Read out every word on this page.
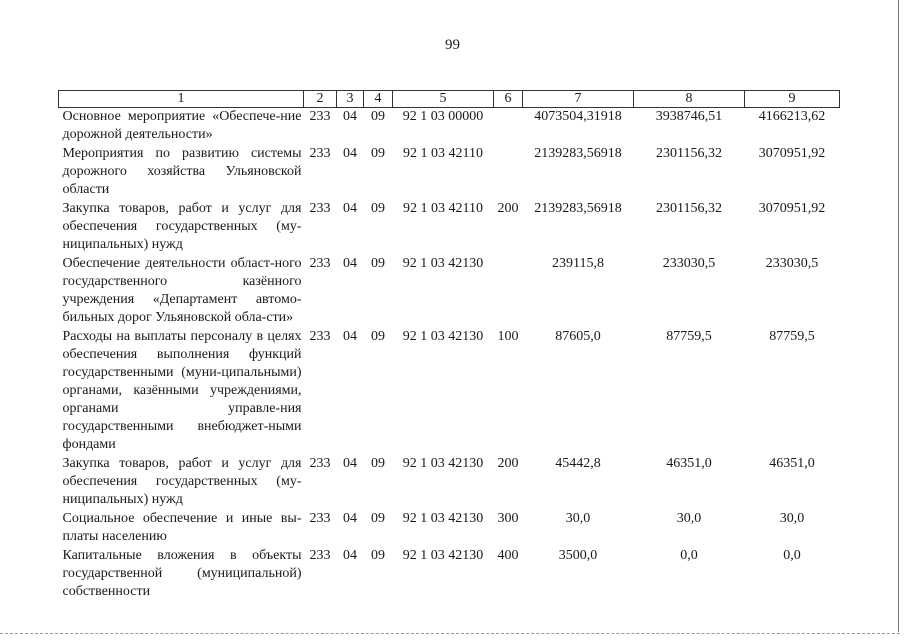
99
1	2	3	4	5	6	7	8	9
Основное мероприятие «Обеспече-ние дорожной деятельности»	233	04	09	92 1 03 00000		4073504,31918	3938746,51	4166213,62
Мероприятия по развитию системы дорожного хозяйства Ульяновской области	233	04	09	92 1 03 42110		2139283,56918	2301156,32	3070951,92
Закупка товаров, работ и услуг для обеспечения государственных (му-ниципальных) нужд	233	04	09	92 1 03 42110	200	2139283,56918	2301156,32	3070951,92
Обеспечение деятельности област-ного государственного казённого учреждения «Департамент автомо-бильных дорог Ульяновской обла-сти»	233	04	09	92 1 03 42130		239115,8	233030,5	233030,5
Расходы на выплаты персоналу в целях обеспечения выполнения функций государственными (муни-ципальными) органами, казёнными учреждениями, органами управле-ния государственными внебюджет-ными фондами	233	04	09	92 1 03 42130	100	87605,0	87759,5	87759,5
Закупка товаров, работ и услуг для обеспечения государственных (му-ниципальных) нужд	233	04	09	92 1 03 42130	200	45442,8	46351,0	46351,0
Социальное обеспечение и иные вы-платы населению	233	04	09	92 1 03 42130	300	30,0	30,0	30,0
Капитальные вложения в объекты государственной (муниципальной) собственности	233	04	09	92 1 03 42130	400	3500,0	0,0	0,0
